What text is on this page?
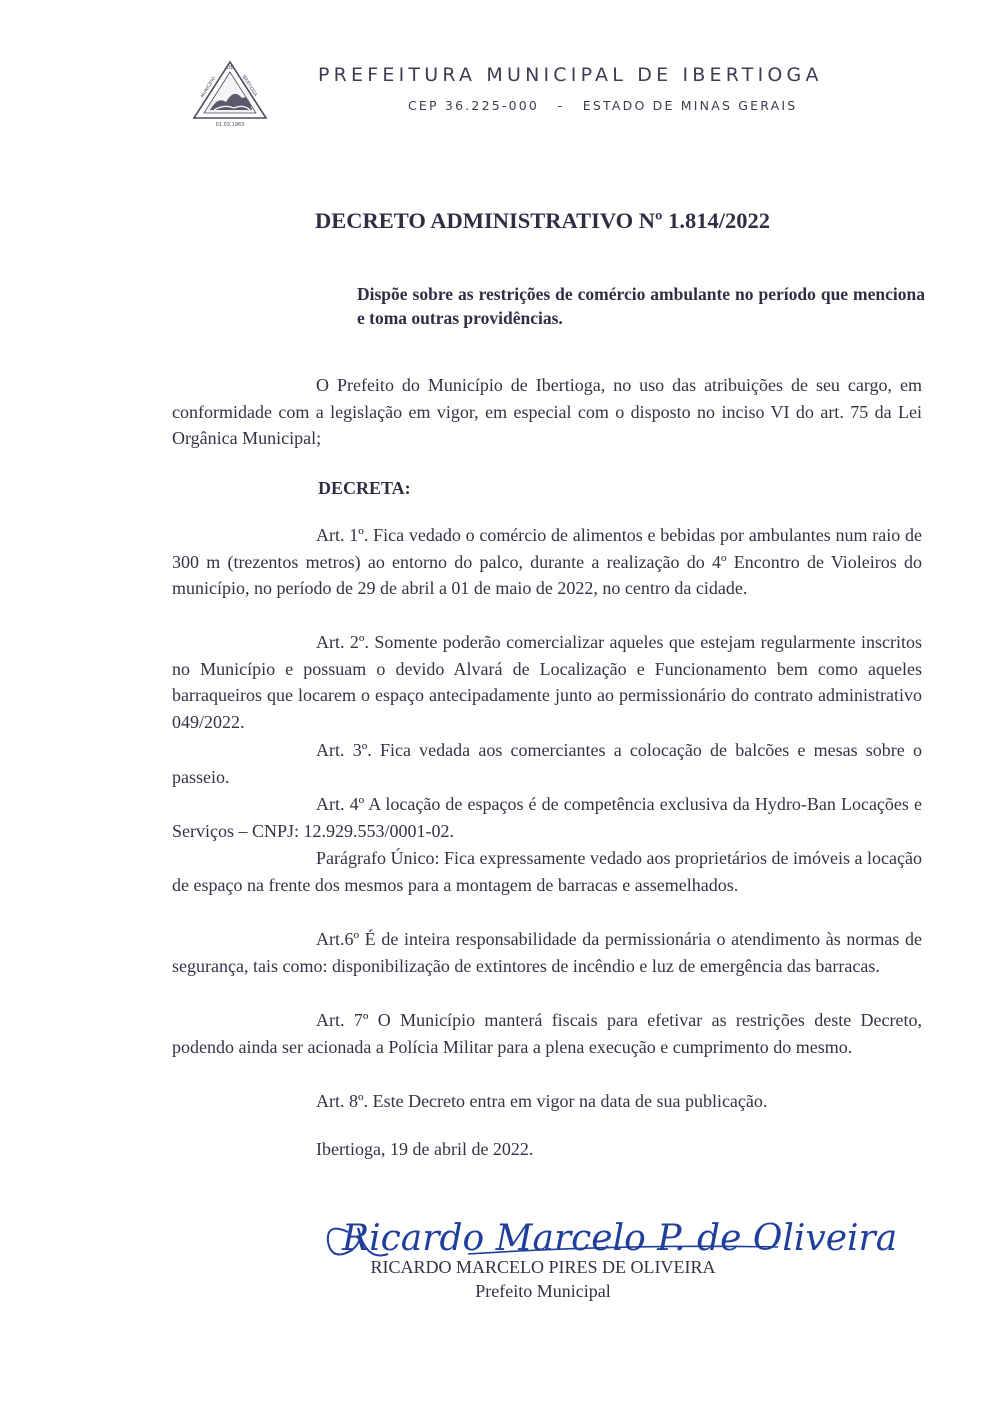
DE
MUNICÍPIO	IBERTIOGA
01.03.1963
PREFEITURA MUNICIPAL DE IBERTIOGA
CEP 36.225-000   -   ESTADO DE MINAS GERAIS
DECRETO ADMINISTRATIVO Nº 1.814/2022
Dispõe sobre as restrições de comércio ambulante no período que menciona e toma outras providências.

O Prefeito do Município de Ibertioga, no uso das atribuições de seu cargo, em conformidade com a legislação em vigor, em especial com o disposto no inciso VI do art. 75 da Lei Orgânica Municipal;

DECRETA:

Art. 1º. Fica vedado o comércio de alimentos e bebidas por ambulantes num raio de 300 m (trezentos metros) ao entorno do palco, durante a realização do 4º Encontro de Violeiros do município, no período de 29 de abril a 01 de maio de 2022, no centro da cidade.

Art. 2º. Somente poderão comercializar aqueles que estejam regularmente inscritos no Município e possuam o devido Alvará de Localização e Funcionamento bem como aqueles barraqueiros que locarem o espaço antecipadamente junto ao permissionário do contrato administrativo 049/2022.

Art. 3º. Fica vedada aos comerciantes a colocação de balcões e mesas sobre o passeio.

Art. 4º A locação de espaços é de competência exclusiva da Hydro-Ban Locações e Serviços – CNPJ: 12.929.553/0001-02.

Parágrafo Único: Fica expressamente vedado aos proprietários de imóveis a locação de espaço na frente dos mesmos para a montagem de barracas e assemelhados.

Art.6º É de inteira responsabilidade da permissionária o atendimento às normas de segurança, tais como: disponibilização de extintores de incêndio e luz de emergência das barracas.

Art. 7º O Município manterá fiscais para efetivar as restrições deste Decreto, podendo ainda ser acionada a Polícia Militar para a plena execução e cumprimento do mesmo.

Art. 8º. Este Decreto entra em vigor na data de sua publicação.

Ibertioga, 19 de abril de 2022.
Ricardo Marcelo P. de Oliveira
RICARDO MARCELO PIRES DE OLIVEIRA
Prefeito Municipal
